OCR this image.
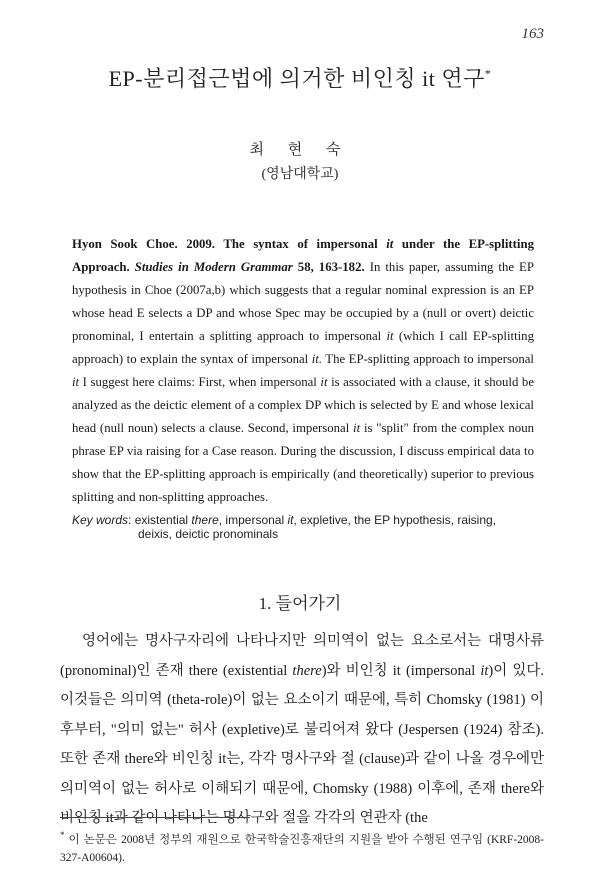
163
EP-분리접근법에 의거한 비인칭 it 연구*
최 현 숙
(영남대학교)
Hyon Sook Choe. 2009. The syntax of impersonal it under the EP-splitting Approach. Studies in Modern Grammar 58, 163-182. In this paper, assuming the EP hypothesis in Choe (2007a,b) which suggests that a regular nominal expression is an EP whose head E selects a DP and whose Spec may be occupied by a (null or overt) deictic pronominal, I entertain a splitting approach to impersonal it (which I call EP-splitting approach) to explain the syntax of impersonal it. The EP-splitting approach to impersonal it I suggest here claims: First, when impersonal it is associated with a clause, it should be analyzed as the deictic element of a complex DP which is selected by E and whose lexical head (null noun) selects a clause. Second, impersonal it is "split" from the complex noun phrase EP via raising for a Case reason. During the discussion, I discuss empirical data to show that the EP-splitting approach is empirically (and theoretically) superior to previous splitting and non-splitting approaches.
Key words: existential there, impersonal it, expletive, the EP hypothesis, raising,
deixis, deictic pronominals
1. 들어가기

영어에는 명사구자리에 나타나지만 의미역이 없는 요소로서는 대명사류 (pronominal)인 존재 there (existential there)와 비인칭 it (impersonal it)이 있다. 이것들은 의미역 (theta-role)이 없는 요소이기 때문에, 특히 Chomsky (1981) 이 후부터, "의미 없는" 허사 (expletive)로 불리어져 왔다 (Jespersen (1924) 참조). 또한 존재 there와 비인칭 it는, 각각 명사구와 절 (clause)과 같이 나올 경우에만 의미역이 없는 허사로 이해되기 때문에, Chomsky (1988) 이후에, 존재 there와 비인칭 it과 같이 나타나는 명사구와 절을 각각의 연관자 (the

* 이 논문은 2008년 정부의 재원으로 한국학술진흥재단의 지원을 받아 수행된 연구임 (KRF-2008-327-A00604).
